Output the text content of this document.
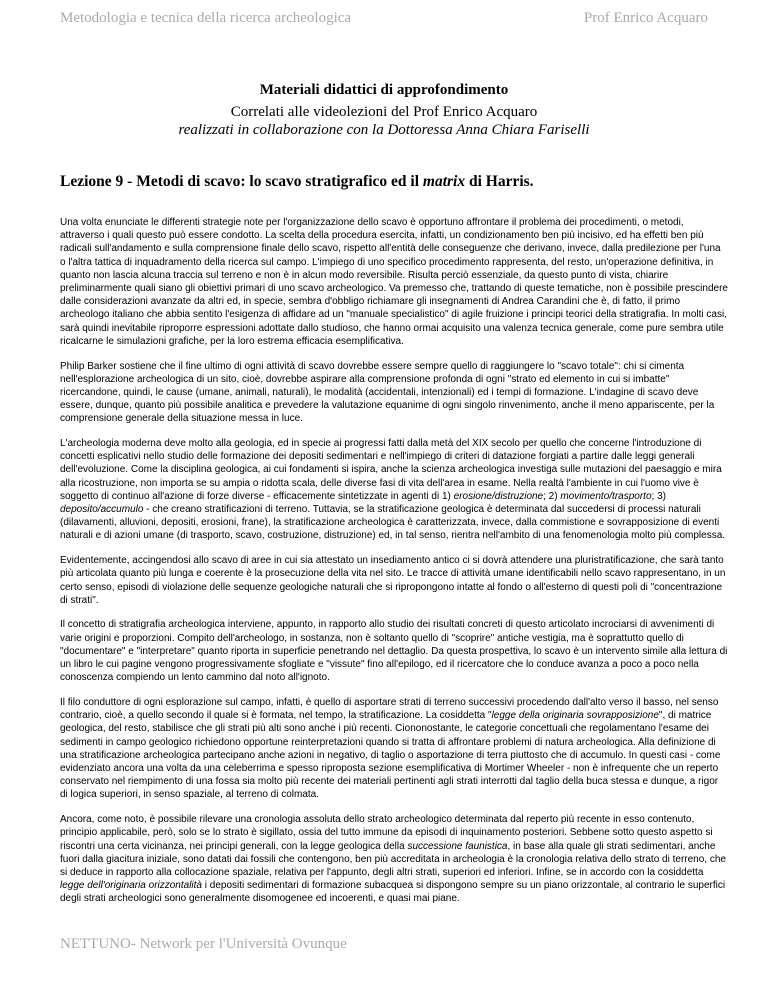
Metodologia e tecnica della ricerca archeologica	Prof Enrico Acquaro

Materiali didattici di approfondimento

Correlati alle videolezioni del Prof Enrico Acquaro

realizzati in collaborazione con la Dottoressa Anna Chiara Fariselli

Lezione 9 - Metodi di scavo: lo scavo stratigrafico ed il matrix di Harris.

Una volta enunciate le differenti strategie note per l'organizzazione dello scavo è opportuno affrontare il problema dei procedimenti, o metodi, attraverso i quali questo può essere condotto. La scelta della procedura esercita, infatti, un condizionamento ben più incisivo, ed ha effetti ben più radicali sull'andamento e sulla comprensione finale dello scavo, rispetto all'entità delle conseguenze che derivano, invece, dalla predilezione per l'una o l'altra tattica di inquadramento della ricerca sul campo. L'impiego di uno specifico procedimento rappresenta, del resto, un'operazione definitiva, in quanto non lascia alcuna traccia sul terreno e non è in alcun modo reversibile. Risulta perciò essenziale, da questo punto di vista, chiarire preliminarmente quali siano gli obiettivi primari di uno scavo archeologico. Va premesso che, trattando di queste tematiche, non è possibile prescindere dalle considerazioni avanzate da altri ed, in specie, sembra d'obbligo richiamare gli insegnamenti di Andrea Carandini che è, di fatto, il primo archeologo italiano che abbia sentito l'esigenza di affidare ad un "manuale specialistico" di agile fruizione i principi teorici della stratigrafia. In molti casi, sarà quindi inevitabile riproporre espressioni adottate dallo studioso, che hanno ormai acquisito una valenza tecnica generale, come pure sembra utile ricalcarne le simulazioni grafiche, per la loro estrema efficacia esemplificativa.

Philip Barker sostiene che il fine ultimo di ogni attività di scavo dovrebbe essere sempre quello di raggiungere lo "scavo totale": chi si cimenta nell'esplorazione archeologica di un sito, cioè, dovrebbe aspirare alla comprensione profonda di ogni "strato ed elemento in cui si imbatte" ricercandone, quindi, le cause (umane, animali, naturali), le modalità (accidentali, intenzionali) ed i tempi di formazione. L'indagine di scavo deve essere, dunque, quanto più possibile analitica e prevedere la valutazione equanime di ogni singolo rinvenimento, anche il meno appariscente, per la comprensione generale della situazione messa in luce.

L'archeologia moderna deve molto alla geologia, ed in specie ai progressi fatti dalla metà del XIX secolo per quello che concerne l'introduzione di concetti esplicativi nello studio delle formazione dei depositi sedimentari e nell'impiego di criteri di datazione forgiati a partire dalle leggi generali dell'evoluzione. Come la disciplina geologica, ai cui fondamenti si ispira, anche la scienza archeologica investiga sulle mutazioni del paesaggio e mira alla ricostruzione, non importa se su ampia o ridotta scala, delle diverse fasi di vita dell'area in esame. Nella realtà l'ambiente in cui l'uomo vive è soggetto di continuo all'azione di forze diverse - efficacemente sintetizzate in agenti di 1) erosione/distruzione; 2) movimento/trasporto; 3) deposito/accumulo - che creano stratificazioni di terreno. Tuttavia, se la stratificazione geologica è determinata dal succedersi di processi naturali (dilavamenti, alluvioni, depositi, erosioni, frane), la stratificazione archeologica è caratterizzata, invece, dalla commistione e sovrapposizione di eventi naturali e di azioni umane (di trasporto, scavo, costruzione, distruzione) ed, in tal senso, rientra nell'ambito di una fenomenologia molto più complessa.

Evidentemente, accingendosi allo scavo di aree in cui sia attestato un insediamento antico ci si dovrà attendere una pluristratificazione, che sarà tanto più articolata quanto più lunga e coerente è la prosecuzione della vita nel sito. Le tracce di attività umane identificabili nello scavo rappresentano, in un certo senso, episodi di violazione delle sequenze geologiche naturali che si ripropongono intatte al fondo o all'esterno di questi poli di "concentrazione di strati".

Il concetto di stratigrafia archeologica interviene, appunto, in rapporto allo studio dei risultati concreti di questo articolato incrociarsi di avvenimenti di varie origini e proporzioni. Compito dell'archeologo, in sostanza, non è soltanto quello di "scoprire" antiche vestigia, ma è soprattutto quello di "documentare" e "interpretare" quanto riporta in superficie penetrando nel dettaglio. Da questa prospettiva, lo scavo è un intervento simile alla lettura di un libro le cui pagine vengono progressivamente sfogliate e "vissute" fino all'epilogo, ed il ricercatore che lo conduce avanza a poco a poco nella conoscenza compiendo un lento cammino dal noto all'ignoto.

Il filo conduttore di ogni esplorazione sul campo, infatti, è quello di asportare strati di terreno successivi procedendo dall'alto verso il basso, nel senso contrario, cioè, a quello secondo il quale si è formata, nel tempo, la stratificazione. La cosiddetta "legge della originaria sovrapposizione", di matrice geologica, del resto, stabilisce che gli strati più alti sono anche i più recenti. Ciononostante, le categorie concettuali che regolamentano l'esame dei sedimenti in campo geologico richiedono opportune reinterpretazioni quando si tratta di affrontare problemi di natura archeologica. Alla definizione di una stratificazione archeologica partecipano anche azioni in negativo, di taglio o asportazione di terra piuttosto che di accumulo. In questi casi - come evidenziato ancora una volta da una celeberrima e spesso riproposta sezione esemplificativa di Mortimer Wheeler - non è infrequente che un reperto conservato nel riempimento di una fossa sia molto più recente dei materiali pertinenti agli strati interrotti dal taglio della buca stessa e dunque, a rigor di logica superiori, in senso spaziale, al terreno di colmata.

Ancora, come noto, è possibile rilevare una cronologia assoluta dello strato archeologico determinata dal reperto più recente in esso contenuto, principio applicabile, però, solo se lo strato è sigillato, ossia del tutto immune da episodi di inquinamento posteriori. Sebbene sotto questo aspetto si riscontri una certa vicinanza, nei principi generali, con la legge geologica della successione faunistica, in base alla quale gli strati sedimentari, anche fuori dalla giacitura iniziale, sono datati dai fossili che contengono, ben più accreditata in archeologia è la cronologia relativa dello strato di terreno, che si deduce in rapporto alla collocazione spaziale, relativa per l'appunto, degli altri strati, superiori ed inferiori. Infine, se in accordo con la cosiddetta legge dell'originaria orizzontalità i depositi sedimentari di formazione subacquea si dispongono sempre su un piano orizzontale, al contrario le superfici degli strati archeologici sono generalmente disomogenee ed incoerenti, e quasi mai piane.

NETTUNO- Network per l'Università Ovunque
